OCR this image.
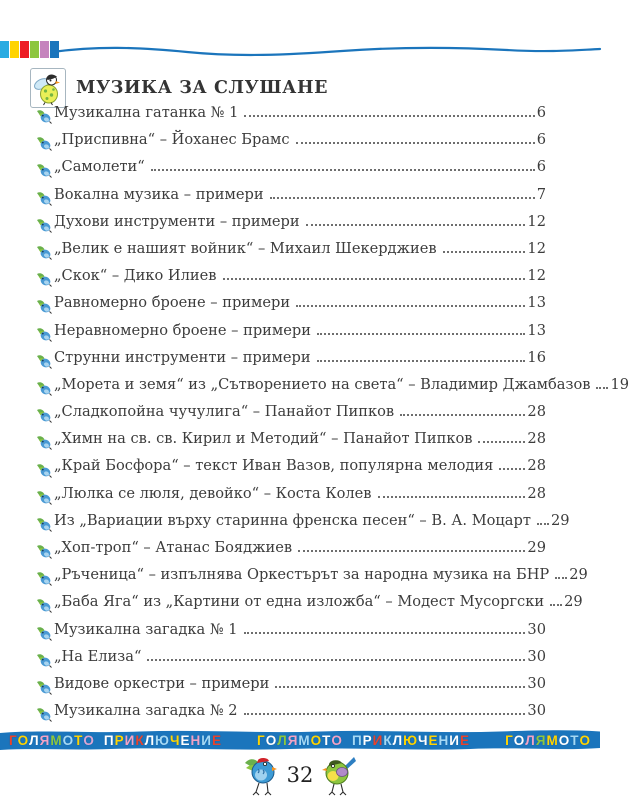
МУЗИКА ЗА СЛУШАНЕ
Музикална гатанка № 1	6
„Приспивна“ – Йоханес Брамс	6
„Самолети“	6
Вокална музика – примери	7
Духови инструменти – примери	12
„Велик е нашият войник“ – Михаил Шекерджиев	12
„Скок“ – Дико Илиев	12
Равномерно броене – примери	13
Неравномерно броене – примери	13
Струнни инструменти – примери	16
„Морета и земя“ из „Сътворението на света“ – Владимир Джамбазов 19
„Сладкопойна чучулига“ – Панайот Пипков	28
„Химн на св. св. Кирил и Методий“ – Панайот Пипков	28
„Край Босфора“ – текст Иван Вазов, популярна мелодия 28
„Люлка се люля, девойко“ – Коста Колев	28
Из „Вариации върху старинна френска песен“ – В. А. Моцарт 29
„Хоп-троп“ – Атанас Бояджиев	29
„Ръченица“ – изпълнява Оркестърът за народна музика на БНР 29
„Баба Яга“ из „Картини от една изложба“ – Модест Мусоргски 29
Музикална загадка № 1	30
„На Елиза“	30
Видове оркестри – примери	30
Музикална загадка № 2	30
Г О Л Я М О Т О П Р И К Л Ю Ч Е Н И Е	Г О Л Я М О Т О П Р И К Л Ю Ч Е Н И Е	Г О Л Я М О Т О
32
